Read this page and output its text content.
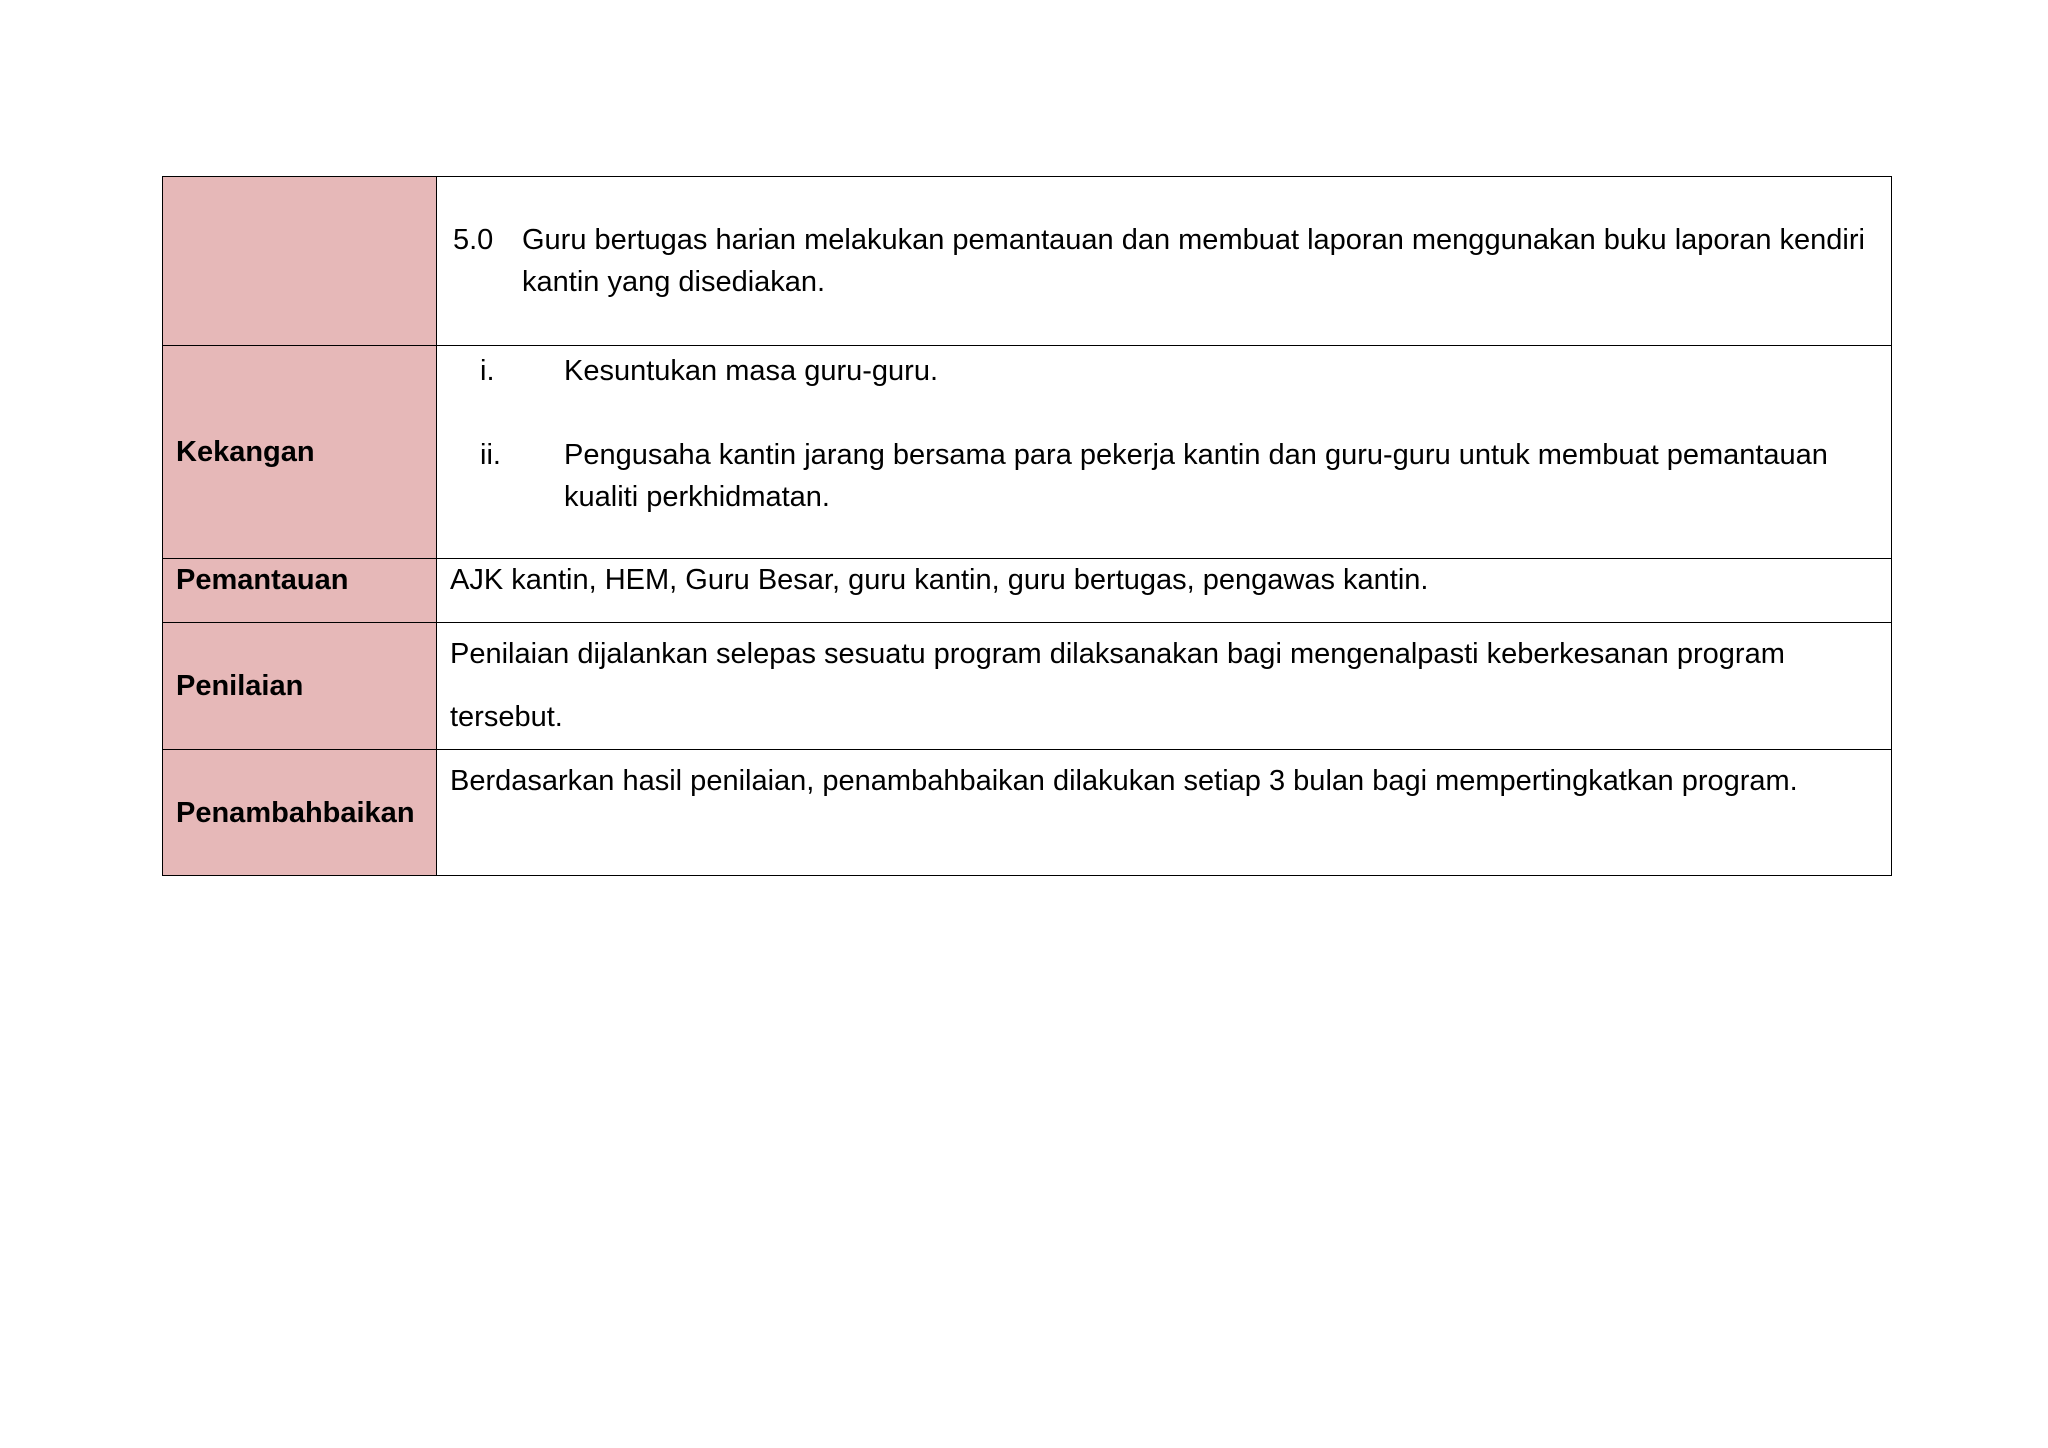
	5.0 Guru bertugas harian melakukan pemantauan dan membuat laporan menggunakan buku laporan kendiri kantin yang disediakan.

Kekangan	i. Kesuntukan masa guru-guru.
ii. Pengusaha kantin jarang bersama para pekerja kantin dan guru-guru untuk membuat pemantauan kualiti perkhidmatan.

Pemantauan	AJK kantin, HEM, Guru Besar, guru kantin, guru bertugas, pengawas kantin.
Penilaian	Penilaian dijalankan selepas sesuatu program dilaksanakan bagi mengenalpasti keberkesanan program tersebut.
Penambahbaikan	Berdasarkan hasil penilaian, penambahbaikan dilakukan setiap 3 bulan bagi mempertingkatkan program.
